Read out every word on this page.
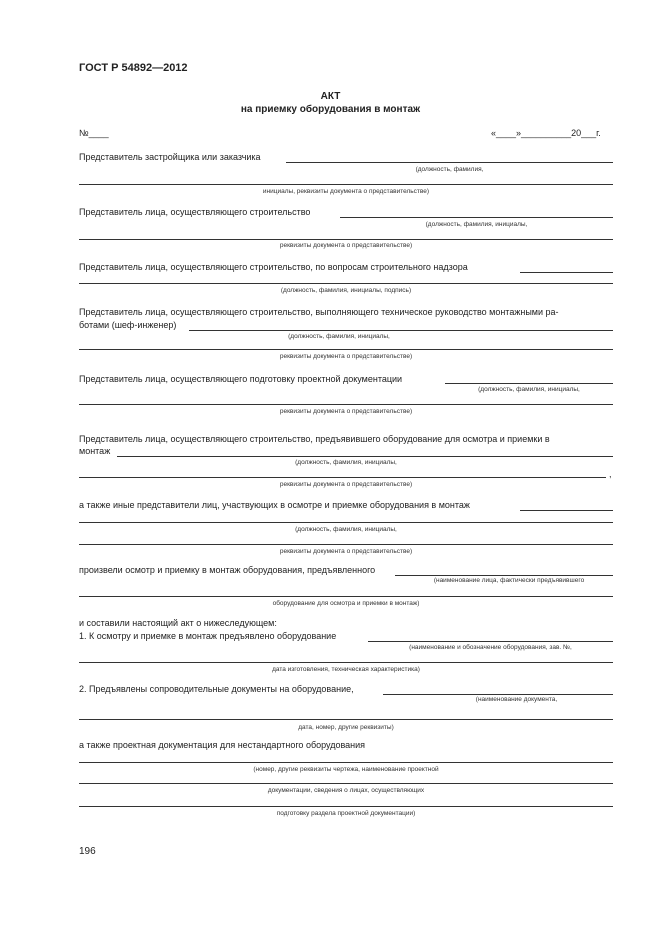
ГОСТ Р 54892—2012
АКТ
на приемку оборудования в монтаж
№____	«____»__________20___г.
Представитель застройщика или заказчика
(должность, фамилия,
инициалы, реквизиты документа о представительстве)
Представитель лица, осуществляющего строительство
(должность, фамилия, инициалы,
реквизиты документа о представительстве)
Представитель лица, осуществляющего строительство, по вопросам строительного надзора
(должность, фамилия, инициалы, подпись)
Представитель лица, осуществляющего строительство, выполняющего техническое руководство монтажными ра-
ботами (шеф-инженер)
(должность, фамилия, инициалы,
реквизиты документа о представительстве)
Представитель лица, осуществляющего подготовку проектной документации
(должность, фамилия, инициалы,
реквизиты документа о представительстве)
Представитель лица, осуществляющего строительство, предъявившего оборудование для осмотра и приемки в
монтаж
(должность, фамилия, инициалы,
,
реквизиты документа о представительстве)
а также иные представители лиц, участвующих в осмотре и приемке оборудования в монтаж
(должность, фамилия, инициалы,
реквизиты документа о представительстве)
произвели осмотр и приемку в монтаж оборудования, предъявленного
(наименование лица, фактически предъявившего
оборудование для осмотра и приемки в монтаж)
и составили настоящий акт о нижеследующем:
1. К осмотру и приемке в монтаж предъявлено оборудование
(наименование и обозначение оборудования, зав. №,
дата изготовления, техническая характеристика)
2. Предъявлены сопроводительные документы на оборудование,
(наименование документа,
дата, номер, другие реквизиты)
а также проектная документация для нестандартного оборудования
(номер, другие реквизиты чертежа, наименование проектной
документации, сведения о лицах, осуществляющих
подготовку раздела проектной документации)
196
